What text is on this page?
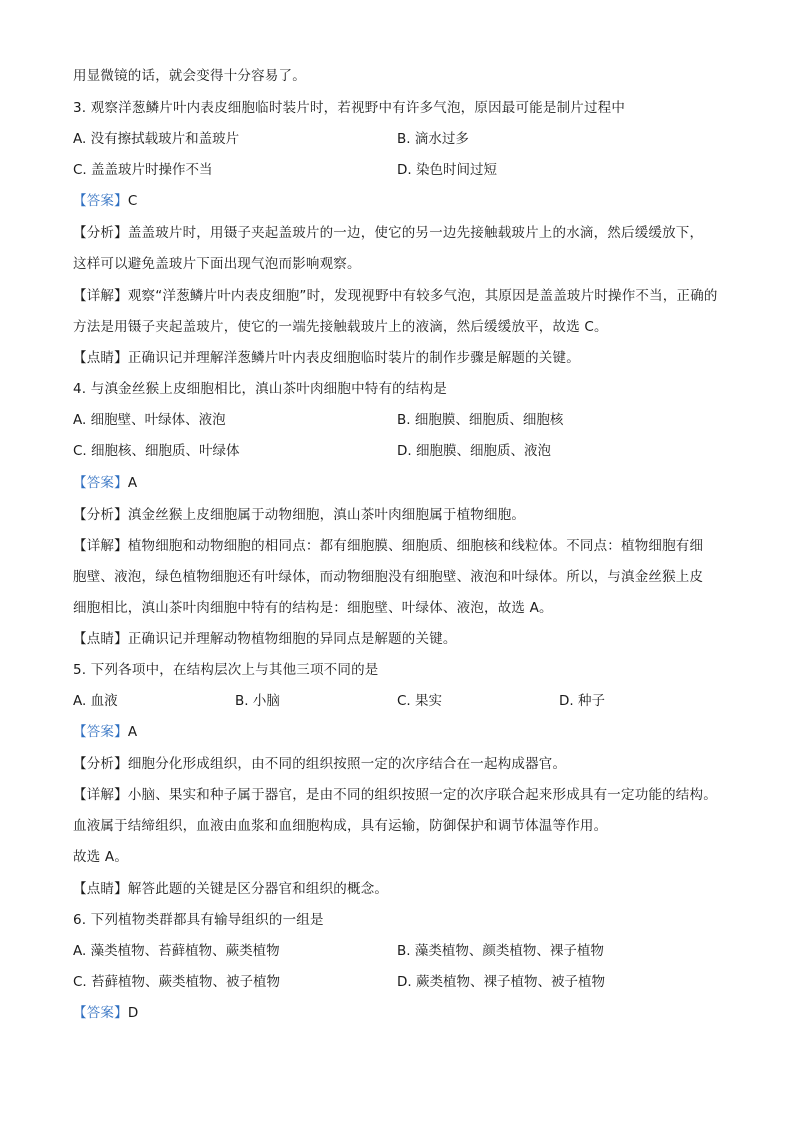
用显微镜的话，就会变得十分容易了。
3. 观察洋葱鳞片叶内表皮细胞临时装片时，若视野中有许多气泡，原因最可能是制片过程中
A. 没有擦拭载玻片和盖玻片	B. 滴水过多
C. 盖盖玻片时操作不当	D. 染色时间过短
【答案】C
【分析】盖盖玻片时，用镊子夹起盖玻片的一边，使它的另一边先接触载玻片上的水滴，然后缓缓放下，
这样可以避免盖玻片下面出现气泡而影响观察。
【详解】观察“洋葱鳞片叶内表皮细胞”时，发现视野中有较多气泡，其原因是盖盖玻片时操作不当，正确的
方法是用镊子夹起盖玻片，使它的一端先接触载玻片上的液滴，然后缓缓放平，故选 C。
【点睛】正确识记并理解洋葱鳞片叶内表皮细胞临时装片的制作步骤是解题的关键。
4. 与滇金丝猴上皮细胞相比，滇山茶叶肉细胞中特有的结构是
A. 细胞壁、叶绿体、液泡	B. 细胞膜、细胞质、细胞核
C. 细胞核、细胞质、叶绿体	D. 细胞膜、细胞质、液泡
【答案】A
【分析】滇金丝猴上皮细胞属于动物细胞，滇山茶叶肉细胞属于植物细胞。
【详解】植物细胞和动物细胞的相同点：都有细胞膜、细胞质、细胞核和线粒体。不同点：植物细胞有细
胞壁、液泡，绿色植物细胞还有叶绿体，而动物细胞没有细胞壁、液泡和叶绿体。所以，与滇金丝猴上皮
细胞相比，滇山茶叶肉细胞中特有的结构是：细胞壁、叶绿体、液泡，故选 A。
【点睛】正确识记并理解动物植物细胞的异同点是解题的关键。
5. 下列各项中，在结构层次上与其他三项不同的是
A. 血液	B. 小脑	C. 果实	D. 种子
【答案】A
【分析】细胞分化形成组织，由不同的组织按照一定的次序结合在一起构成器官。
【详解】小脑、果实和种子属于器官，是由不同的组织按照一定的次序联合起来形成具有一定功能的结构。
血液属于结缔组织，血液由血浆和血细胞构成，具有运输，防御保护和调节体温等作用。
故选 A。
【点睛】解答此题的关键是区分器官和组织的概念。
6. 下列植物类群都具有输导组织的一组是
A. 藻类植物、苔藓植物、蕨类植物	B. 藻类植物、颜类植物、裸子植物
C. 苔藓植物、蕨类植物、被子植物	D. 蕨类植物、裸子植物、被子植物
【答案】D
